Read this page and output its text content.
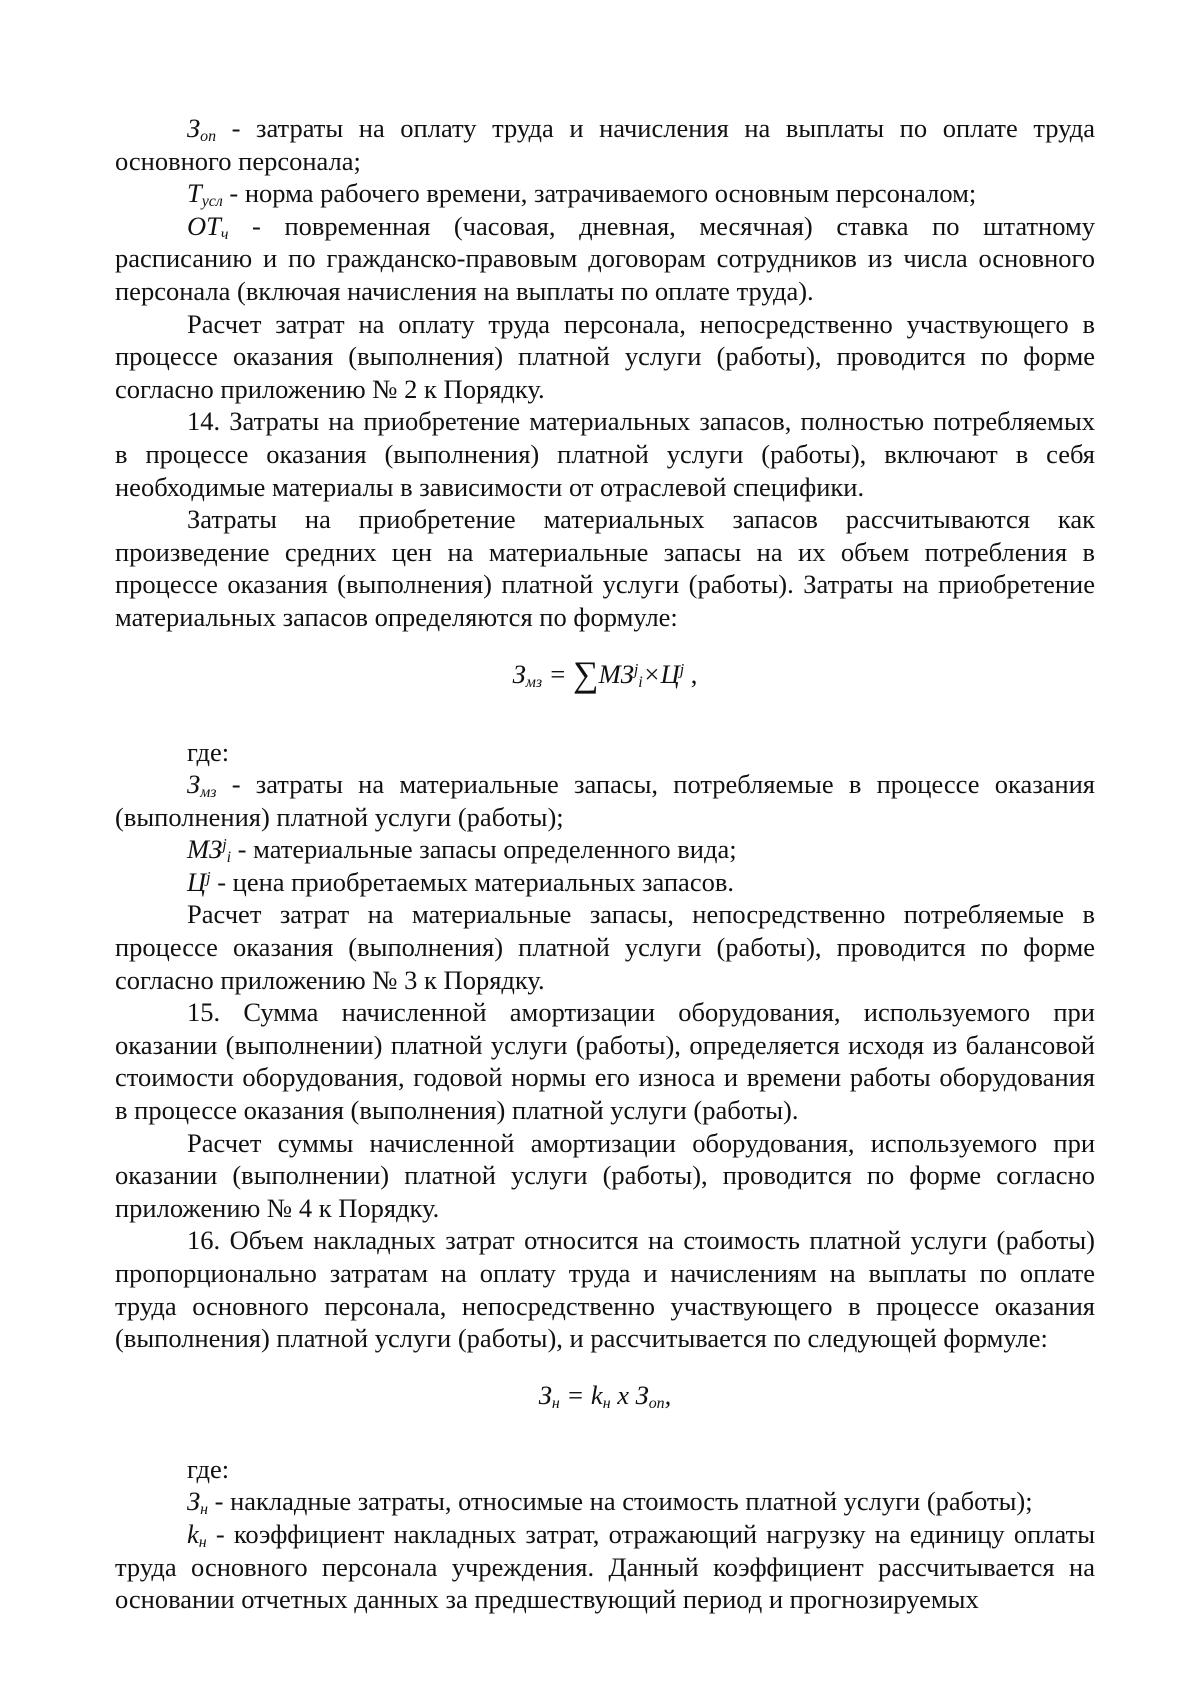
$З_{оп}$ - затраты на оплату труда и начисления на выплаты по оплате труда основного персонала;

$Т_{усл}$ - норма рабочего времени, затрачиваемого основным персоналом;

$ОТ_ч$ - повременная (часовая, дневная, месячная) ставка по штатному расписанию и по гражданско-правовым договорам сотрудников из числа основного персонала (включая начисления на выплаты по оплате труда).

Расчет затрат на оплату труда персонала, непосредственно участвующего в процессе оказания (выполнения) платной услуги (работы), проводится по форме согласно приложению № 2 к Порядку.

14. Затраты на приобретение материальных запасов, полностью потребляемых в процессе оказания (выполнения) платной услуги (работы), включают в себя необходимые материалы в зависимости от отраслевой специфики.

Затраты на приобретение материальных запасов рассчитываются как произведение средних цен на материальные запасы на их объем потребления в процессе оказания (выполнения) платной услуги (работы). Затраты на приобретение материальных запасов определяются по формуле:

$З_{мз} = \sum МЗ^j_i\times Ц^j$ ,

где:

$З_{мз}$ - затраты на материальные запасы, потребляемые в процессе оказания (выполнения) платной услуги (работы);

$МЗ^j_i$ - материальные запасы определенного вида;

$Ц^j$ - цена приобретаемых материальных запасов.

Расчет затрат на материальные запасы, непосредственно потребляемые в процессе оказания (выполнения) платной услуги (работы), проводится по форме согласно приложению № 3 к Порядку.

15. Сумма начисленной амортизации оборудования, используемого при оказании (выполнении) платной услуги (работы), определяется исходя из балансовой стоимости оборудования, годовой нормы его износа и времени работы оборудования в процессе оказания (выполнения) платной услуги (работы).

Расчет суммы начисленной амортизации оборудования, используемого при оказании (выполнении) платной услуги (работы), проводится по форме согласно приложению № 4 к Порядку.

16. Объем накладных затрат относится на стоимость платной услуги (работы) пропорционально затратам на оплату труда и начислениям на выплаты по оплате труда основного персонала, непосредственно участвующего в процессе оказания (выполнения) платной услуги (работы), и рассчитывается по следующей формуле:

$З_н = k_н$ х $З_{оп}$,

где:

$З_н$ - накладные затраты, относимые на стоимость платной услуги (работы);

$k_н$ - коэффициент накладных затрат, отражающий нагрузку на единицу оплаты труда основного персонала учреждения. Данный коэффициент рассчитывается на основании отчетных данных за предшествующий период и прогнозируемых
